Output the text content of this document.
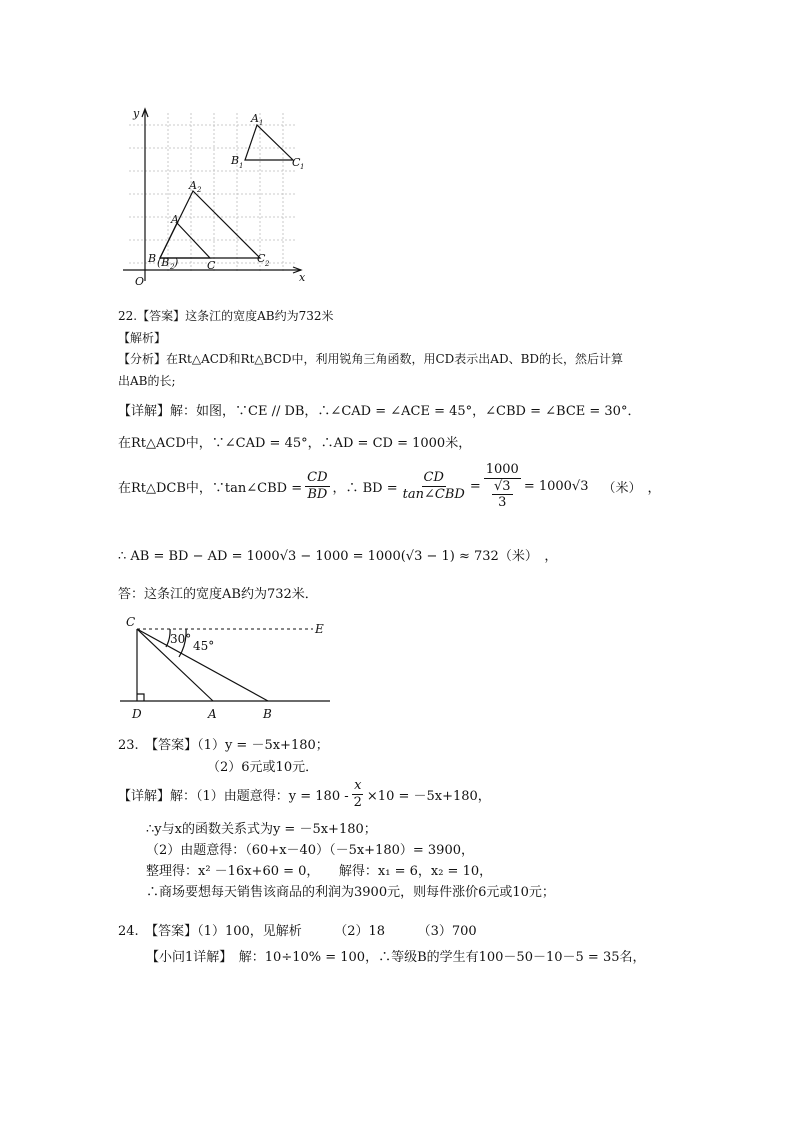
y
x
O
A 1
B 1	C 1
A 2
A
B (B 2 )	C
C 2
22.【答案】这条江的宽度AB约为732米
【解析】
【分析】在Rt△ACD和Rt△BCD中，利用锐角三角函数，用CD表示出AD、BD的长，然后计算
出AB的长;
【详解】解：如图，∵CE // DB，∴∠CAD = ∠ACE = 45°，∠CBD = ∠BCE = 30°．
在Rt△ACD中，∵∠CAD = 45°，∴AD = CD = 1000米，
在Rt△DCB中，∵tan∠CBD = $\frac{CD}{BD}$ ，∴ BD = $\frac{CD}{\text{tan∠CBD}} = \frac{1000}{\frac{√3}{3}} = 1000√3$ （米） ，
∴ AB = BD − AD = 1000√3 − 1000 = 1000(√3 − 1) ≈ 732（米）　，
答：这条江的宽度AB约为732米．
C	E
D	A	B
30° 45°
23.　【答案】（1）y = －5x+180；
（2）6元或10元．
【详解】解：（1）由题意得：$y = 180 - \frac{x}{2} \times 10 = -5x+180$，
∴y与x的函数关系式为y = －5x+180；
（2）由题意得：（60+x－40）（－5x+180）= 3900，
整理得：x² －16x+60 = 0，　　解得：x₁ = 6，x₂ = 10，
∴商场要想每天销售该商品的利润为3900元，则每件涨价6元或10元；
24.　【答案】（1）100，见解析　　　（2）18　　　（3）700
【小问1详解】　解：10÷10% = 100，∴等级B的学生有100－50－10－5 = 35名，
